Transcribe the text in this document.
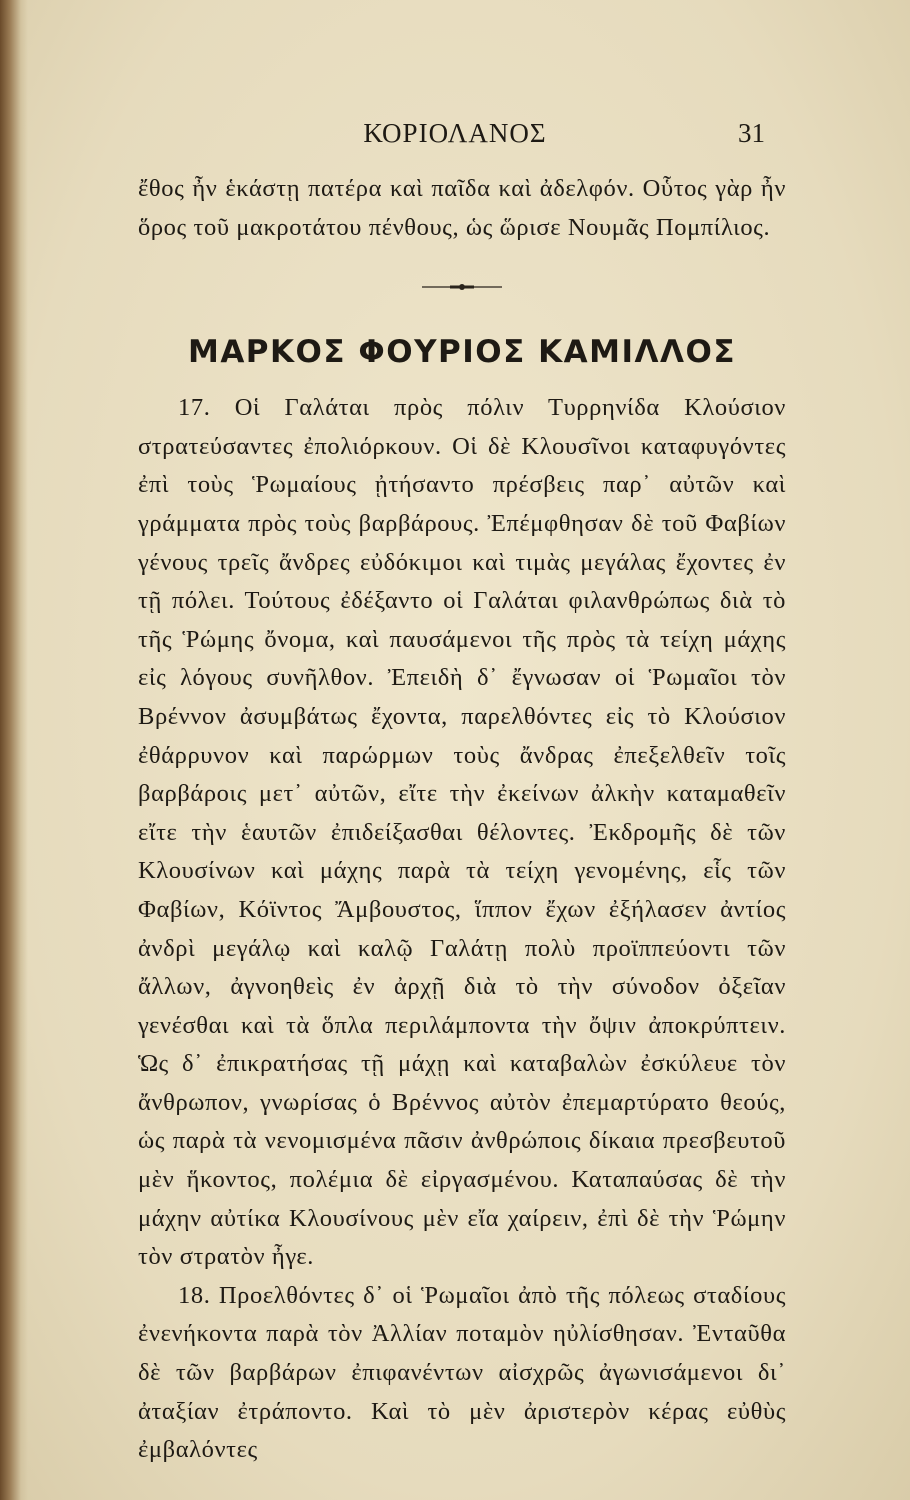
ΚΟΡΙΟΛΑΝΟΣ	31

ἔθος ἦν ἑκάστῃ πατέρα καὶ παῖδα καὶ ἀδελφόν. Οὗτος γὰρ ἦν ὅρος τοῦ μακροτάτου πένθους, ὡς ὥρισε Νουμᾶς Πομπίλιος.

ΜΑΡΚΟΣ ΦΟΥΡΙΟΣ ΚΑΜΙΛΛΟΣ

17. Οἱ Γαλάται πρὸς πόλιν Τυρρηνίδα Κλούσιον στρατεύσαντες ἐπολιόρκουν. Οἱ δὲ Κλουσῖνοι καταφυγόντες ἐπὶ τοὺς Ῥωμαίους ᾐτήσαντο πρέσβεις παρ᾽ αὐτῶν καὶ γράμματα πρὸς τοὺς βαρβάρους. Ἐπέμφθησαν δὲ τοῦ Φαβίων γένους τρεῖς ἄνδρες εὐδόκιμοι καὶ τιμὰς μεγάλας ἔχοντες ἐν τῇ πόλει. Τούτους ἐδέξαντο οἱ Γαλάται φιλανθρώπως διὰ τὸ τῆς Ῥώμης ὄνομα, καὶ παυσάμενοι τῆς πρὸς τὰ τείχη μάχης εἰς λόγους συνῆλθον. Ἐπειδὴ δ᾽ ἔγνωσαν οἱ Ῥωμαῖοι τὸν Βρέννον ἀσυμβάτως ἔχοντα, παρελθόντες εἰς τὸ Κλούσιον ἐθάρρυνον καὶ παρώρμων τοὺς ἄνδρας ἐπεξελθεῖν τοῖς βαρβάροις μετ᾽ αὐτῶν, εἴτε τὴν ἐκείνων ἀλκὴν καταμαθεῖν εἴτε τὴν ἑαυτῶν ἐπιδείξασθαι θέλοντες. Ἐκδρομῆς δὲ τῶν Κλουσίνων καὶ μάχης παρὰ τὰ τείχη γενομένης, εἷς τῶν Φαβίων, Κόϊντος Ἄμβουστος, ἵππον ἔχων ἐξήλασεν ἀντίος ἀνδρὶ μεγάλῳ καὶ καλῷ Γαλάτῃ πολὺ προϊππεύοντι τῶν ἄλλων, ἀγνοηθεὶς ἐν ἀρχῇ διὰ τὸ τὴν σύνοδον ὀξεῖαν γενέσθαι καὶ τὰ ὅπλα περιλάμποντα τὴν ὄψιν ἀποκρύπτειν. Ὡς δ᾽ ἐπικρατήσας τῇ μάχῃ καὶ καταβαλὼν ἐσκύλευε τὸν ἄνθρωπον, γνωρίσας ὁ Βρέννος αὐτὸν ἐπεμαρτύρατο θεούς, ὡς παρὰ τὰ νενομισμένα πᾶσιν ἀνθρώποις δίκαια πρεσβευτοῦ μὲν ἥκοντος, πολέμια δὲ εἰργασμένου. Καταπαύσας δὲ τὴν μάχην αὐτίκα Κλουσίνους μὲν εἴα χαίρειν, ἐπὶ δὲ τὴν Ῥώμην τὸν στρατὸν ἦγε.

18. Προελθόντες δ᾽ οἱ Ῥωμαῖοι ἀπὸ τῆς πόλεως σταδίους ἐνενήκοντα παρὰ τὸν Ἀλλίαν ποταμὸν ηὐλίσθησαν. Ἐνταῦθα δὲ τῶν βαρβάρων ἐπιφανέντων αἰσχρῶς ἀγωνισάμενοι δι᾽ ἀταξίαν ἐτράποντο. Καὶ τὸ μὲν ἀριστερὸν κέρας εὐθὺς ἐμβαλόντες
